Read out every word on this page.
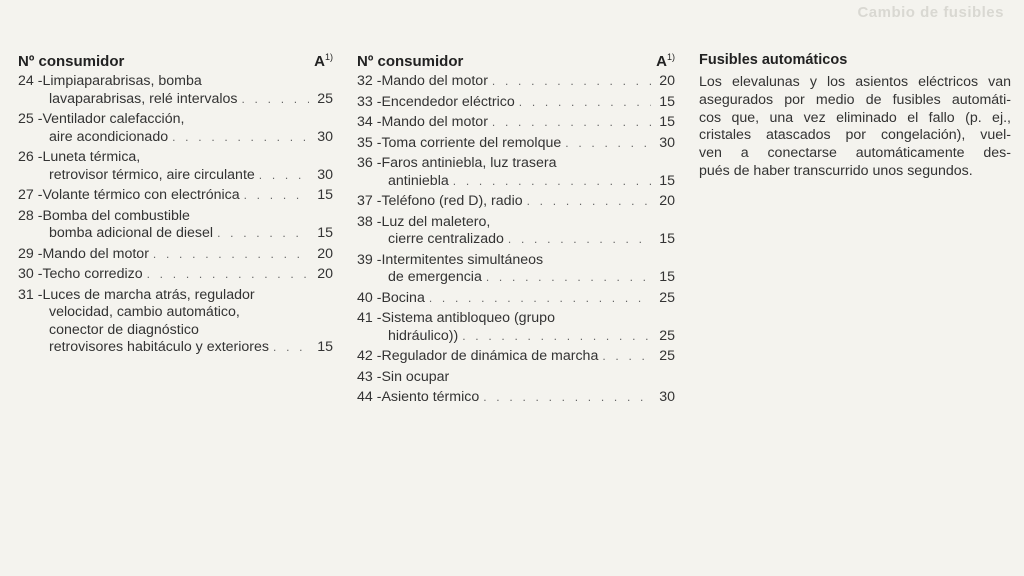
Cambio de fusibles
Nº consumidor	$A^{1)}$
24 - Limpiaparabrisas, bomba
lavaparabrisas, relé intervalos . . .	25
25 - Ventilador calefacción,
aire acondicionado . . .	30
26 - Luneta térmica,
retrovisor térmico, aire circulante . . .	30
27 - Volante térmico con electrónica . . .	15
28 - Bomba del combustible
bomba adicional de diesel . . .	15
29 - Mando del motor . . .	20
30 - Techo corredizo . . .	20
31 - Luces de marcha atrás, regulador
velocidad, cambio automático,
conector de diagnóstico
retrovisores habitáculo y exteriores . . .	15
Nº consumidor	$A^{1)}$
32 - Mando del motor . . .	20
33 - Encendedor eléctrico . . .	15
34 - Mando del motor . . .	15
35 - Toma corriente del remolque . . .	30
36 - Faros antiniebla, luz trasera
antiniebla . . .	15
37 - Teléfono (red D), radio . . .	20
38 - Luz del maletero,
cierre centralizado . . .	15
39 - Intermitentes simultáneos
de emergencia . . .	15
40 - Bocina . . .	25
41 - Sistema antibloqueo (grupo
hidráulico)) . . .	25
42 - Regulador de dinámica de marcha . . .	25
43 - Sin ocupar
44 - Asiento térmico . . .	30
Fusibles automáticos

Los elevalunas y los asientos eléctricos van

asegurados por medio de fusibles automáti-

cos que, una vez eliminado el fallo (p. ej.,

cristales atascados por congelación), vuel-

ven a conectarse automáticamente des-

pués de haber transcurrido unos segundos.
